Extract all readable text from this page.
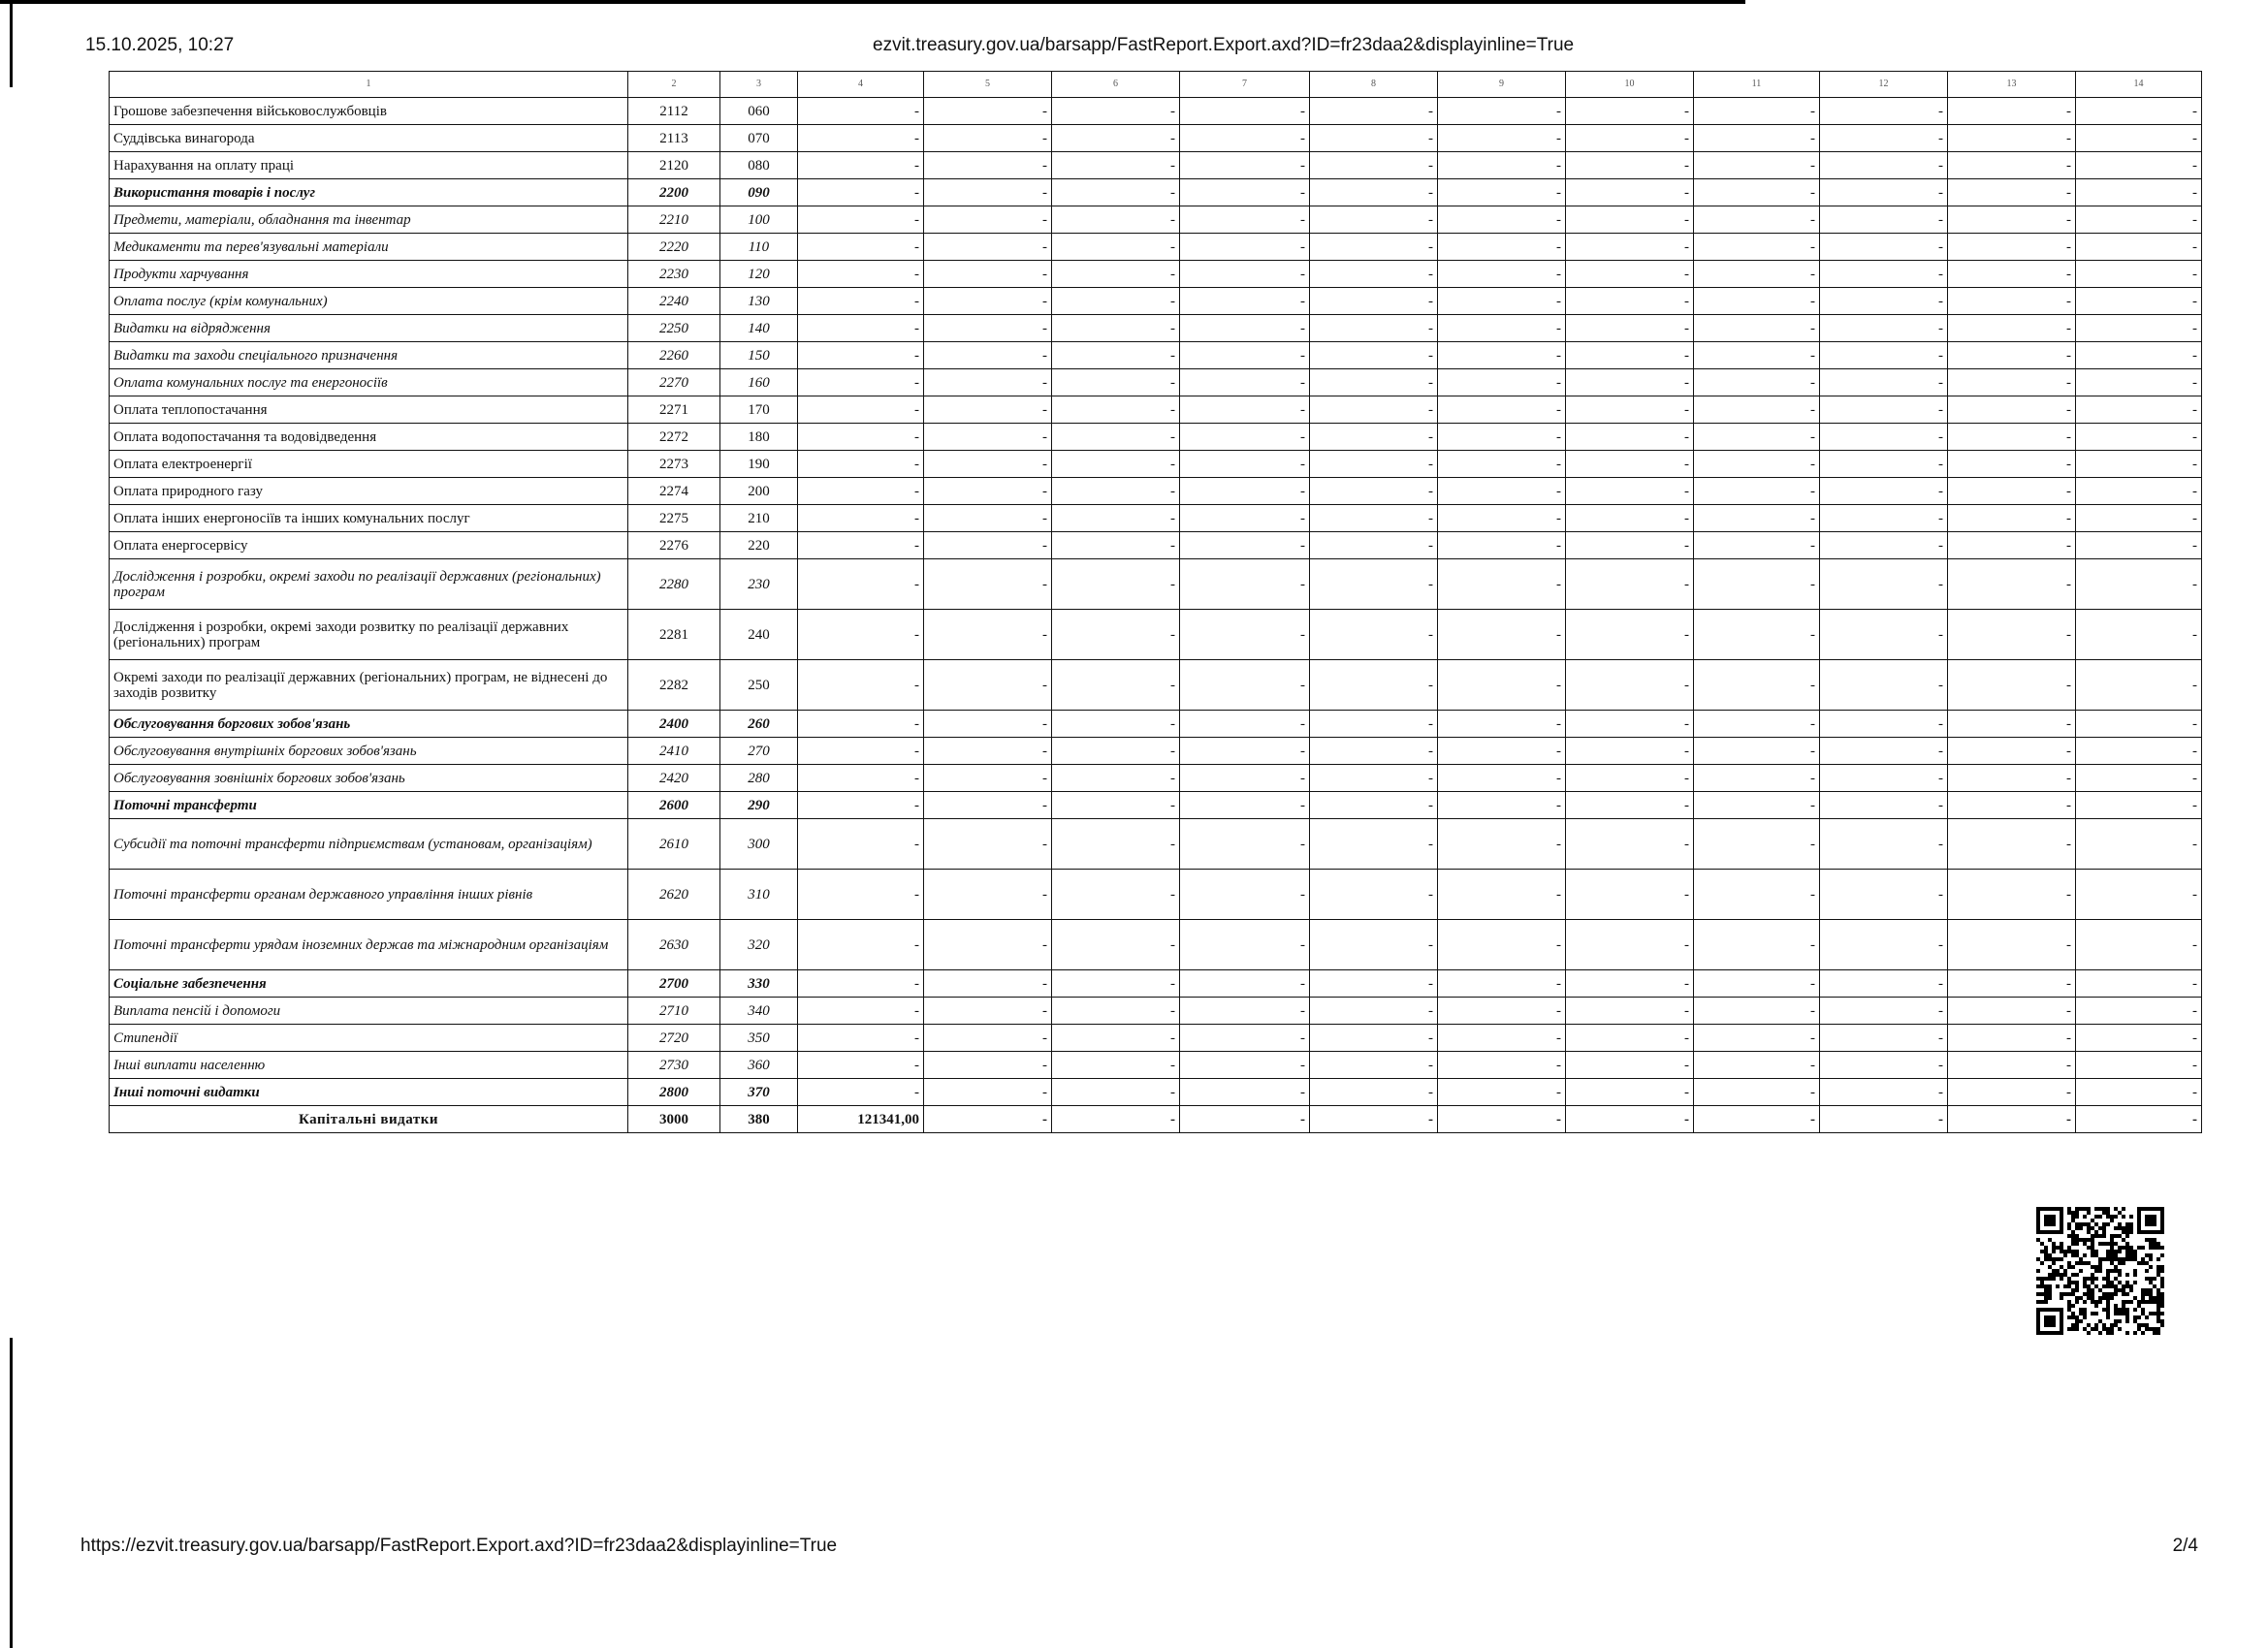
15.10.2025, 10:27	ezvit.treasury.gov.ua/barsapp/FastReport.Export.axd?ID=fr23daa2&displayinline=True
1	2	3	4	5	6	7	8	9	10	11	12	13	14
Грошове забезпечення військовослужбовців	2112	060	-	-	-	-	-	-	-	-	-	-	-
Суддівська винагорода	2113	070	-	-	-	-	-	-	-	-	-	-	-
Нарахування на оплату праці	2120	080	-	-	-	-	-	-	-	-	-	-	-
Використання товарів і послуг	2200	090	-	-	-	-	-	-	-	-	-	-	-
Предмети, матеріали, обладнання та інвентар	2210	100	-	-	-	-	-	-	-	-	-	-	-
Медикаменти та перев'язувальні матеріали	2220	110	-	-	-	-	-	-	-	-	-	-	-
Продукти харчування	2230	120	-	-	-	-	-	-	-	-	-	-	-
Оплата послуг (крім комунальних)	2240	130	-	-	-	-	-	-	-	-	-	-	-
Видатки на відрядження	2250	140	-	-	-	-	-	-	-	-	-	-	-
Видатки та заходи спеціального призначення	2260	150	-	-	-	-	-	-	-	-	-	-	-
Оплата комунальних послуг та енергоносіїв	2270	160	-	-	-	-	-	-	-	-	-	-	-
Оплата теплопостачання	2271	170	-	-	-	-	-	-	-	-	-	-	-
Оплата водопостачання та водовідведення	2272	180	-	-	-	-	-	-	-	-	-	-	-
Оплата електроенергії	2273	190	-	-	-	-	-	-	-	-	-	-	-
Оплата природного газу	2274	200	-	-	-	-	-	-	-	-	-	-	-
Оплата інших енергоносіїв та інших комунальних послуг	2275	210	-	-	-	-	-	-	-	-	-	-	-
Оплата енергосервісу	2276	220	-	-	-	-	-	-	-	-	-	-	-
Дослідження і розробки, окремі заходи по реалізації державних (регіональних) програм	2280	230	-	-	-	-	-	-	-	-	-	-	-
Дослідження і розробки, окремі заходи розвитку по реалізації державних (регіональних) програм	2281	240	-	-	-	-	-	-	-	-	-	-	-
Окремі заходи по реалізації державних (регіональних) програм, не віднесені до заходів розвитку	2282	250	-	-	-	-	-	-	-	-	-	-	-
Обслуговування боргових зобов'язань	2400	260	-	-	-	-	-	-	-	-	-	-	-
Обслуговування внутрішніх боргових зобов'язань	2410	270	-	-	-	-	-	-	-	-	-	-	-
Обслуговування зовнішніх боргових зобов'язань	2420	280	-	-	-	-	-	-	-	-	-	-	-
Поточні трансферти	2600	290	-	-	-	-	-	-	-	-	-	-	-
Субсидії та поточні трансферти підприємствам (установам, організаціям)	2610	300	-	-	-	-	-	-	-	-	-	-	-
Поточні трансферти органам державного управління інших рівнів	2620	310	-	-	-	-	-	-	-	-	-	-	-
Поточні трансферти урядам іноземних держав та міжнародним організаціям	2630	320	-	-	-	-	-	-	-	-	-	-	-
Соціальне забезпечення	2700	330	-	-	-	-	-	-	-	-	-	-	-
Виплата пенсій і допомоги	2710	340	-	-	-	-	-	-	-	-	-	-	-
Стипендії	2720	350	-	-	-	-	-	-	-	-	-	-	-
Інші виплати населенню	2730	360	-	-	-	-	-	-	-	-	-	-	-
Інші поточні видатки	2800	370	-	-	-	-	-	-	-	-	-	-	-
Капітальні видатки	3000	380	121341,00	-	-	-	-	-	-	-	-	-	-
https://ezvit.treasury.gov.ua/barsapp/FastReport.Export.axd?ID=fr23daa2&displayinline=True	2/4
